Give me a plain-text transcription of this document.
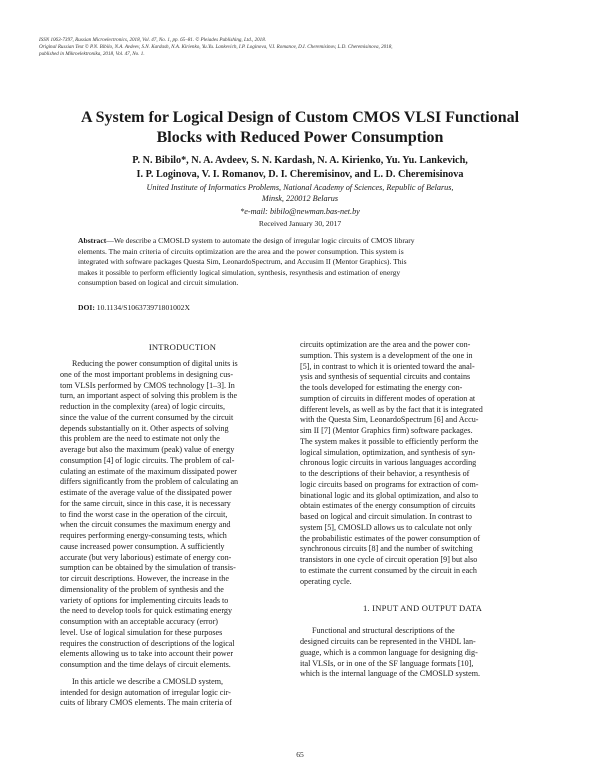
ISSN 1063-7397, Russian Microelectronics, 2018, Vol. 47, No. 1, pp. 65–81. © Pleiades Publishing, Ltd., 2018.
Original Russian Text © P.N. Bibilo, N.A. Avdeev, S.N. Kardash, N.A. Kirienko, Yu.Yu. Lankevich, I.P. Loginova, V.I. Romanov, D.I. Cheremisinov, L.D. Cheremisinova, 2018,
published in Mikroelektronika, 2018, Vol. 47, No. 1.
A System for Logical Design of Custom CMOS VLSI Functional
Blocks with Reduced Power Consumption
P. N. Bibilo*, N. A. Avdeev, S. N. Kardash, N. A. Kirienko, Yu. Yu. Lankevich,
I. P. Loginova, V. I. Romanov, D. I. Cheremisinov, and L. D. Cheremisinova
United Institute of Informatics Problems, National Academy of Sciences, Republic of Belarus,
Minsk, 220012 Belarus
*e-mail: bibilo@newman.bas-net.by
Received January 30, 2017
Abstract—We describe a CMOSLD system to automate the design of irregular logic circuits of CMOS library
elements. The main criteria of circuits optimization are the area and the power consumption. This system is
integrated with software packages Questa Sim, LeonardoSpectrum, and Accusim II (Mentor Graphics). This
makes it possible to perform efficiently logical simulation, synthesis, resynthesis and estimation of energy
consumption based on logical and circuit simulation.
DOI: 10.1134/S106373971801002X
INTRODUCTION
Reducing the power consumption of digital units is
one of the most important problems in designing cus-
tom VLSIs performed by CMOS technology [1–3]. In
turn, an important aspect of solving this problem is the
reduction in the complexity (area) of logic circuits,
since the value of the current consumed by the circuit
depends substantially on it. Other aspects of solving
this problem are the need to estimate not only the
average but also the maximum (peak) value of energy
consumption [4] of logic circuits. The problem of cal-
culating an estimate of the maximum dissipated power
differs significantly from the problem of calculating an
estimate of the average value of the dissipated power
for the same circuit, since in this case, it is necessary
to find the worst case in the operation of the circuit,
when the circuit consumes the maximum energy and
requires performing energy-consuming tests, which
cause increased power consumption. A sufficiently
accurate (but very laborious) estimate of energy con-
sumption can be obtained by the simulation of transis-
tor circuit descriptions. However, the increase in the
dimensionality of the problem of synthesis and the
variety of options for implementing circuits leads to
the need to develop tools for quick estimating energy
consumption with an acceptable accuracy (error)
level. Use of logical simulation for these purposes
requires the construction of descriptions of the logical
elements allowing us to take into account their power
consumption and the time delays of circuit elements.
In this article we describe a CMOSLD system,
intended for design automation of irregular logic cir-
cuits of library CMOS elements. The main criteria of
circuits optimization are the area and the power con-
sumption. This system is a development of the one in
[5], in contrast to which it is oriented toward the anal-
ysis and synthesis of sequential circuits and contains
the tools developed for estimating the energy con-
sumption of circuits in different modes of operation at
different levels, as well as by the fact that it is integrated
with the Questa Sim, LeonardoSpectrum [6] and Accu-
sim II [7] (Mentor Graphics firm) software packages.
The system makes it possible to efficiently perform the
logical simulation, optimization, and synthesis of syn-
chronous logic circuits in various languages according
to the descriptions of their behavior, a resynthesis of
logic circuits based on programs for extraction of com-
binational logic and its global optimization, and also to
obtain estimates of the energy consumption of circuits
based on logical and circuit simulation. In contrast to
system [5], CMOSLD allows us to calculate not only
the probabilistic estimates of the power consumption of
synchronous circuits [8] and the number of switching
transistors in one cycle of circuit operation [9] but also
to estimate the current consumed by the circuit in each
operating cycle.
1. INPUT AND OUTPUT DATA
Functional and structural descriptions of the
designed circuits can be represented in the VHDL lan-
guage, which is a common language for designing dig-
ital VLSIs, or in one of the SF language formats [10],
which is the internal language of the CMOSLD system.
65
